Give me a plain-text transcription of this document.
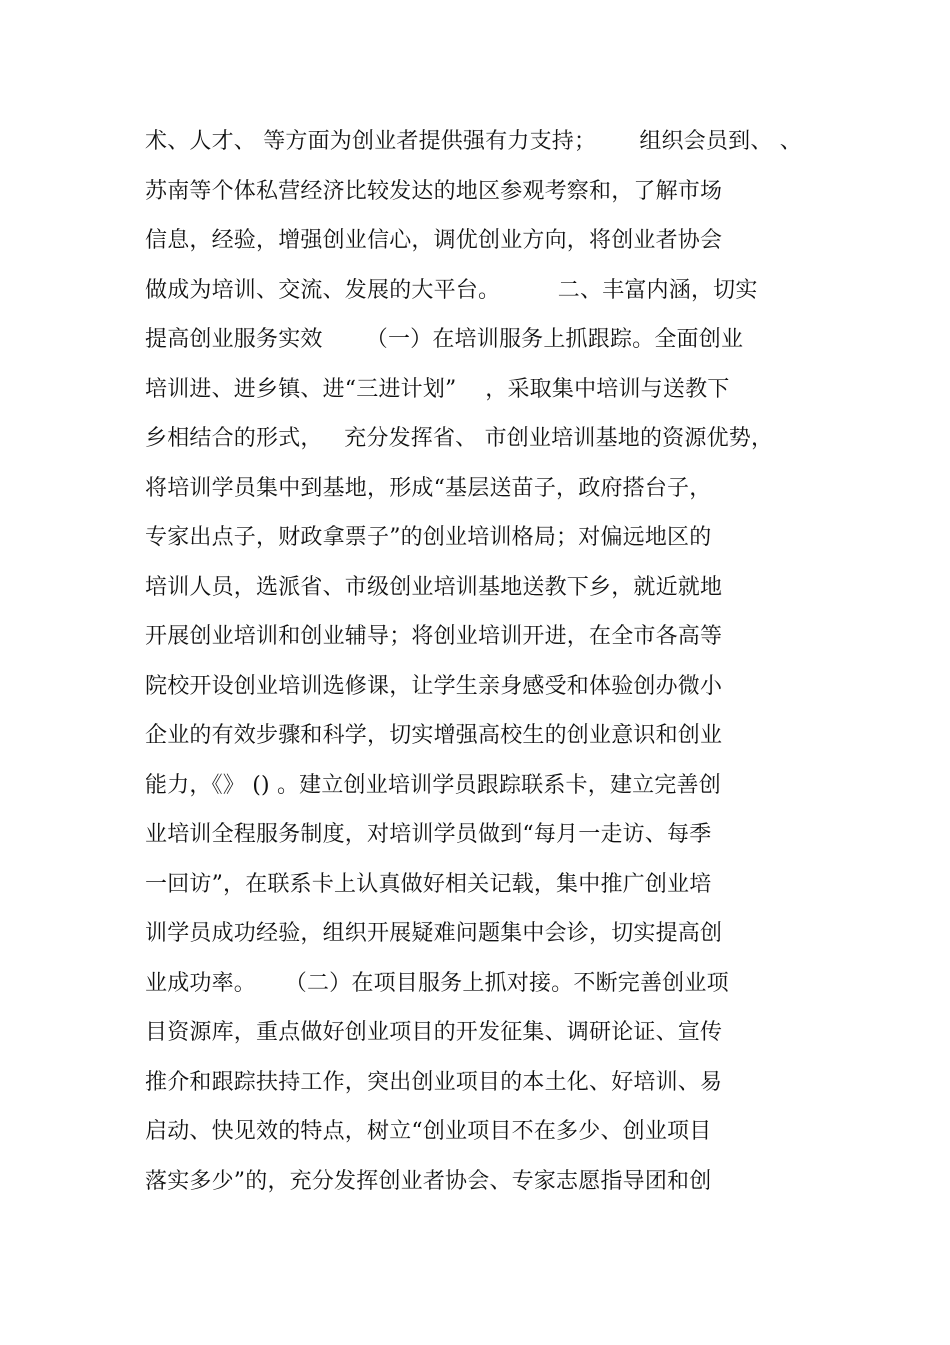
术、人才、 等方面为创业者提供强有力支持；      组织会员到、 、
苏南等个体私营经济比较发达的地区参观考察和，了解市场
信息，经验，增强创业信心，调优创业方向，将创业者协会
做成为培训、交流、发展的大平台。        二、丰富内涵，切实
提高创业服务实效      （一）在培训服务上抓跟踪。全面创业
培训进、进乡镇、进“三进计划”    ，采取集中培训与送教下
乡相结合的形式，   充分发挥省、 市创业培训基地的资源优势，
将培训学员集中到基地，形成“基层送苗子，政府搭台子，
专家出点子，财政拿票子”的创业培训格局；对偏远地区的
培训人员，选派省、市级创业培训基地送教下乡，就近就地
开展创业培训和创业辅导；将创业培训开进，在全市各高等
院校开设创业培训选修课，让学生亲身感受和体验创办微小
企业的有效步骤和科学，切实增强高校生的创业意识和创业
能力，《》 () 。建立创业培训学员跟踪联系卡，建立完善创
业培训全程服务制度，对培训学员做到“每月一走访、每季
一回访”，在联系卡上认真做好相关记载，集中推广创业培
训学员成功经验，组织开展疑难问题集中会诊，切实提高创
业成功率。    （二）在项目服务上抓对接。不断完善创业项
目资源库，重点做好创业项目的开发征集、调研论证、宣传
推介和跟踪扶持工作，突出创业项目的本土化、好培训、易
启动、快见效的特点，树立“创业项目不在多少、创业项目
落实多少”的，充分发挥创业者协会、专家志愿指导团和创
